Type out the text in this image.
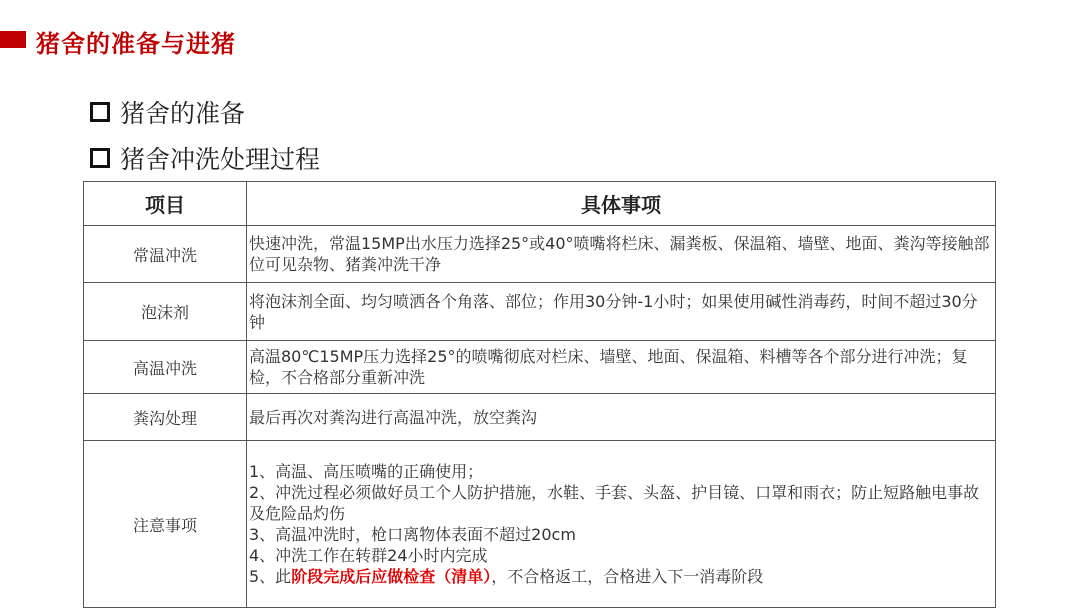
猪舍的准备与进猪
猪舍的准备
猪舍冲洗处理过程
项目	具体事项
常温冲洗	快速冲洗，常温15MP出水压力选择25°或40°喷嘴将栏床、漏粪板、保温箱、墙壁、地面、粪沟等接触部位可见杂物、猪粪冲洗干净
泡沫剂	将泡沫剂全面、均匀喷洒各个角落、部位；作用30分钟-1小时；如果使用碱性消毒药，时间不超过30分钟
高温冲洗	高温80℃15MP压力选择25°的喷嘴彻底对栏床、墙壁、地面、保温箱、料槽等各个部分进行冲洗；复检，不合格部分重新冲洗
粪沟处理	最后再次对粪沟进行高温冲洗，放空粪沟
注意事项	1、高温、高压喷嘴的正确使用；
2、冲洗过程必须做好员工个人防护措施，水鞋、手套、头盔、护目镜、口罩和雨衣；防止短路触电事故及危险品灼伤
3、高温冲洗时，枪口离物体表面不超过20cm
4、冲洗工作在转群24小时内完成
5、此阶段完成后应做检查（清单），不合格返工，合格进入下一消毒阶段
